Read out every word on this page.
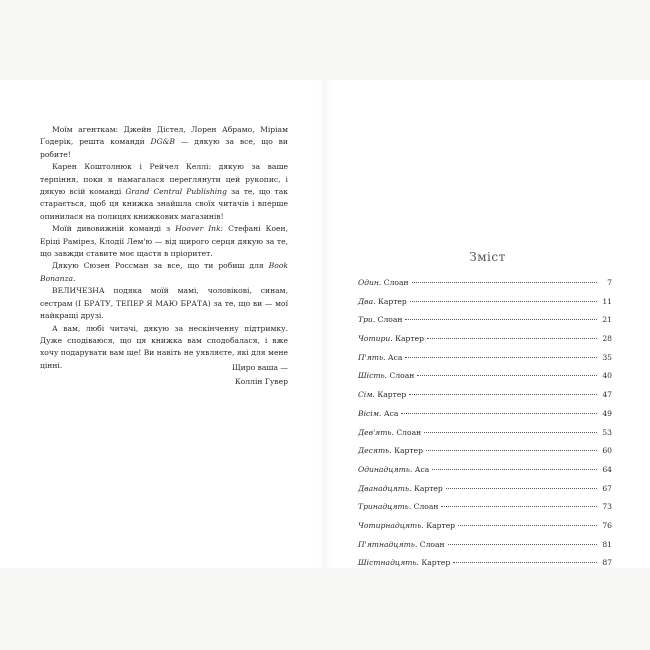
Моїм агенткам: Джейн Дістел, Лорен Абрамо, Міріам Ґодерік, решта команди DG&B — дякую за все, що ви робите!

Карен Коштолнюк і Рейчел Келлі: дякую за ваше терпіння, поки я намагалася переглянути цей рукопис, і дякую всій команді Grand Central Publishing за те, що так старається, щоб ця книжка знайшла своїх читачів і вперше опинилася на полицях книжкових магазинів!

Моїй дивовижній команді з Hoover Ink: Стефані Коен, Еріці Раміpез, Клодії Лем'ю — від щирого серця дякую за те, що завжди ставите моє щастя в пріоритет.

Дякую Сюзен Россман за все, що ти робиш для Book Bonanza.

ВЕЛИЧЕЗНА подяка моїй мамі, чоловікові, синам, сестрам (І БРАТУ, ТЕПЕР Я МАЮ БРАТА) за те, що ви — мої найкращі друзі.

А вам, любі читачі, дякую за нескінченну підтримку. Дуже сподіваюся, що ця книжка вам сподобалася, і вже хочу подарувати вам ще! Ви навіть не уявляєте, які для мене цінні.	Щиро ваша —
Коллін Гувер
Зміст
Один. Слоан	7
Два. Картер	11
Три. Слоан	21
Чотири. Картер	28
П'ять. Аса	35
Шість. Слоан	40
Сім. Картер	47
Вісім. Аса	49
Дев'ять. Слоан	53
Десять. Картер	60
Одинадцять. Аса	64
Дванадцять. Картер	67
Тринадцять. Слоан	73
Чотирнадцять. Картер	76
П'ятнадцять. Слоан	81
Шістнадцять. Картер	87
